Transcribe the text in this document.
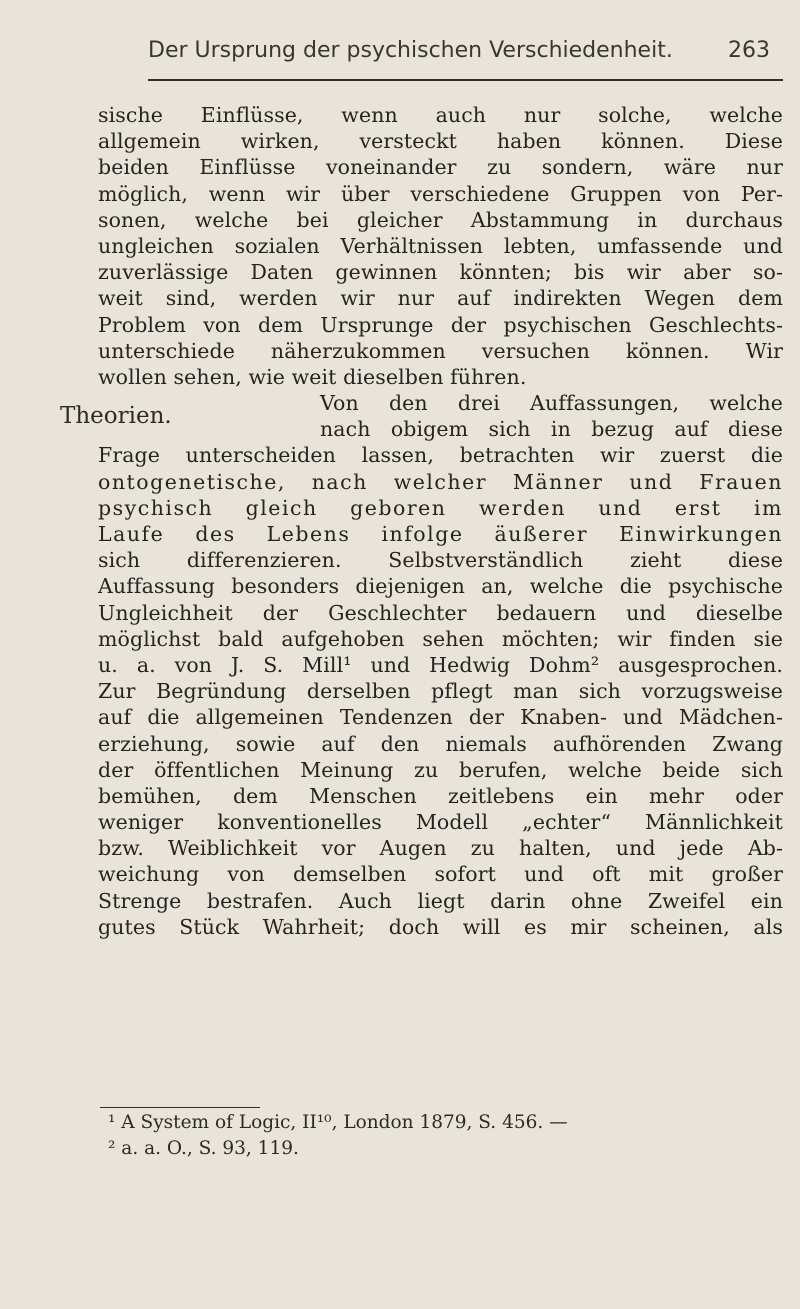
Der Ursprung der psychischen Verschiedenheit.	263
sische Einflüsse, wenn auch nur solche, welche
allgemein wirken, versteckt haben können. Diese
beiden Einflüsse voneinander zu sondern, wäre nur
möglich, wenn wir über verschiedene Gruppen von Per-
sonen, welche bei gleicher Abstammung in durchaus
ungleichen sozialen Verhältnissen lebten, umfassende und
zuverlässige Daten gewinnen könnten; bis wir aber so-
weit sind, werden wir nur auf indirekten Wegen dem
Problem von dem Ursprunge der psychischen Geschlechts-
unterschiede näherzukommen versuchen können. Wir
wollen sehen, wie weit dieselben führen.
Theorien.	Von den drei Auffassungen, welche
nach obigem sich in bezug auf diese
Frage unterscheiden lassen, betrachten wir zuerst die
ontogenetische, nach welcher Männer und Frauen
psychisch gleich geboren werden und erst im
Laufe des Lebens infolge äußerer Einwirkungen
sich differenzieren. Selbstverständlich zieht diese
Auffassung besonders diejenigen an, welche die psychische
Ungleichheit der Geschlechter bedauern und dieselbe
möglichst bald aufgehoben sehen möchten; wir finden sie
u. a. von J. S. Mill¹ und Hedwig Dohm² ausgesprochen.
Zur Begründung derselben pflegt man sich vorzugsweise
auf die allgemeinen Tendenzen der Knaben- und Mädchen-
erziehung, sowie auf den niemals aufhörenden Zwang
der öffentlichen Meinung zu berufen, welche beide sich
bemühen, dem Menschen zeitlebens ein mehr oder
weniger konventionelles Modell „echter“ Männlichkeit
bzw. Weiblichkeit vor Augen zu halten, und jede Ab-
weichung von demselben sofort und oft mit großer
Strenge bestrafen. Auch liegt darin ohne Zweifel ein
gutes Stück Wahrheit; doch will es mir scheinen, als
¹ A System of Logic, II¹⁰, London 1879, S. 456. —
² a. a. O., S. 93, 119.
